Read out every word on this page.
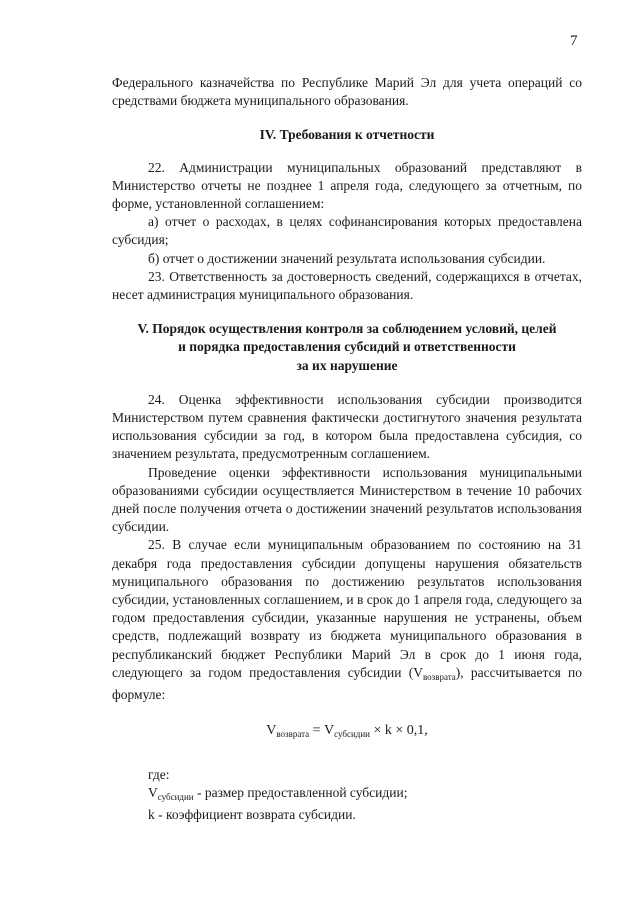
7

Федерального казначейства по Республике Марий Эл для учета операций со средствами бюджета муниципального образования.

IV. Требования к отчетности

22. Администрации муниципальных образований представляют в Министерство отчеты не позднее 1 апреля года, следующего за отчетным, по форме, установленной соглашением:

а) отчет о расходах, в целях софинансирования которых предоставлена субсидия;

б) отчет о достижении значений результата использования субсидии.

23. Ответственность за достоверность сведений, содержащихся в отчетах, несет администрация муниципального образования.

V. Порядок осуществления контроля за соблюдением условий, целей
и порядка предоставления субсидий и ответственности
за их нарушение

24. Оценка эффективности использования субсидии производится Министерством путем сравнения фактически достигнутого значения результата использования субсидии за год, в котором была предоставлена субсидия, со значением результата, предусмотренным соглашением.

Проведение оценки эффективности использования муниципальными образованиями субсидии осуществляется Министерством в течение 10 рабочих дней после получения отчета о достижении значений результатов использования субсидии.

25. В случае если муниципальным образованием по состоянию на 31 декабря года предоставления субсидии допущены нарушения обязательств муниципального образования по достижению результатов использования субсидии, установленных соглашением, и в срок до 1 апреля года, следующего за годом предоставления субсидии, указанные нарушения не устранены, объем средств, подлежащий возврату из бюджета муниципального образования в республиканский бюджет Республики Марий Эл в срок до 1 июня года, следующего за годом предоставления субсидии $(V_{возврата})$, рассчитывается по формуле:

$V_{возврата} = V_{субсидии} \times k \times 0,1$,
где:
$V_{субсидии}$ - размер предоставленной субсидии;
k - коэффициент возврата субсидии.
